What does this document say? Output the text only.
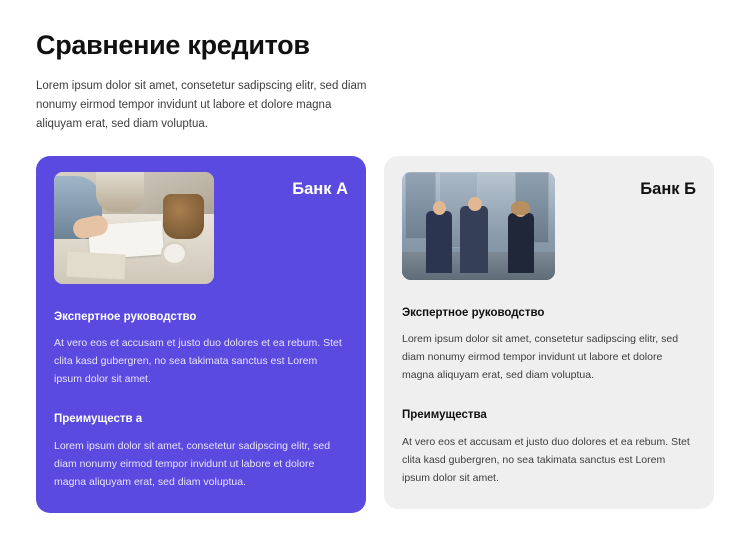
Сравнение кредитов

Lorem ipsum dolor sit amet, consetetur sadipscing elitr, sed diam nonumy eirmod tempor invidunt ut labore et dolore magna aliquyam erat, sed diam voluptua.

Банк А
Экспертное руководство

At vero eos et accusam et justo duo dolores et ea rebum. Stet clita kasd gubergren, no sea takimata sanctus est Lorem ipsum dolor sit amet.

Преимуществ а

Lorem ipsum dolor sit amet, consetetur sadipscing elitr, sed diam nonumy eirmod tempor invidunt ut labore et dolore magna aliquyam erat, sed diam voluptua.

Банк Б
Экспертное руководство

Lorem ipsum dolor sit amet, consetetur sadipscing elitr, sed diam nonumy eirmod tempor invidunt ut labore et dolore magna aliquyam erat, sed diam voluptua.

Преимущества

At vero eos et accusam et justo duo dolores et ea rebum. Stet clita kasd gubergren, no sea takimata sanctus est Lorem ipsum dolor sit amet.
